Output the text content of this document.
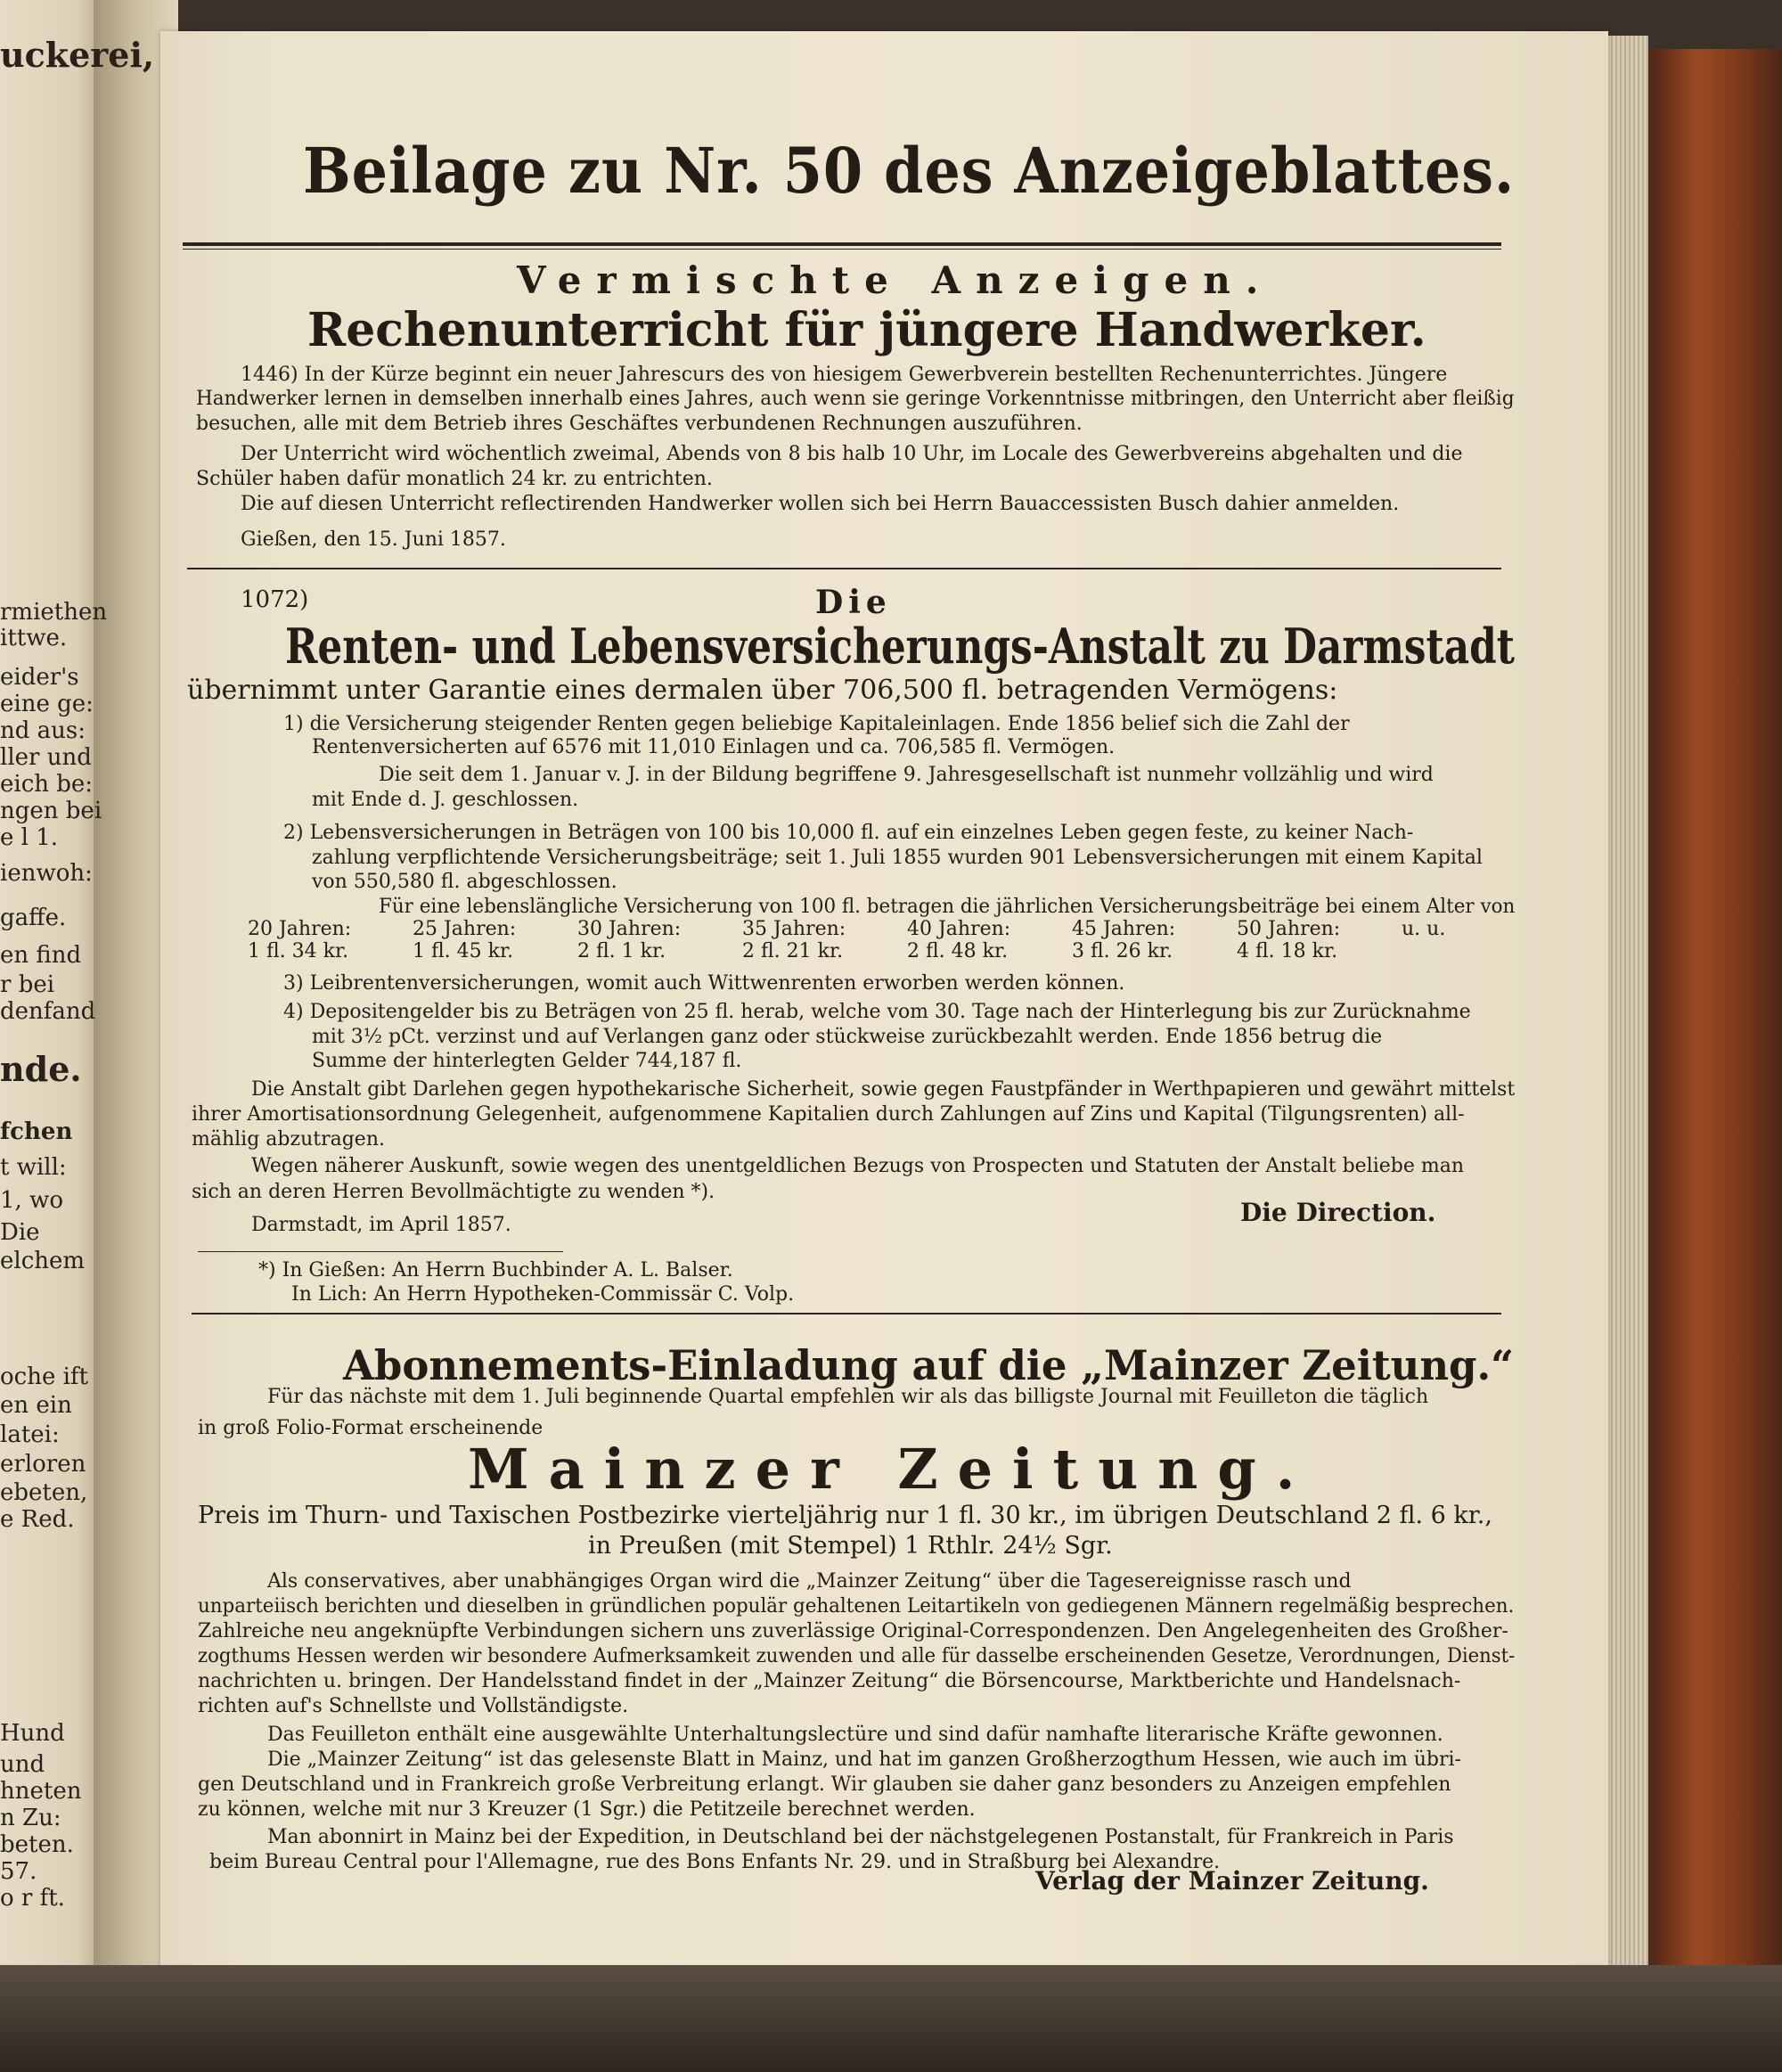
uckerei,
rmiethen
ittwe.
eider's
eine ge:
nd aus:
ller und
eich be:
ngen bei
e l 1.
ienwoh:
gaffe.
en find
r bei
denfand
nde.
fchen
t will:
1, wo
Die
elchem
oche ift
en ein
latei:
erloren
ebeten,
e Red.
Hund
und
hneten
n Zu:
beten.
57.
o r ft.
Beilage zu Nr. 50 des Anzeigeblattes.
Vermischte Anzeigen.
Rechenunterricht für jüngere Handwerker.
1446) In der Kürze beginnt ein neuer Jahrescurs des von hiesigem Gewerbverein bestellten Rechenunterrichtes. Jüngere
Handwerker lernen in demselben innerhalb eines Jahres, auch wenn sie geringe Vorkenntnisse mitbringen, den Unterricht aber fleißig
besuchen, alle mit dem Betrieb ihres Geschäftes verbundenen Rechnungen auszuführen.
Der Unterricht wird wöchentlich zweimal, Abends von 8 bis halb 10 Uhr, im Locale des Gewerbvereins abgehalten und die
Schüler haben dafür monatlich 24 kr. zu entrichten.
Die auf diesen Unterricht reflectirenden Handwerker wollen sich bei Herrn Bauaccessisten Busch dahier anmelden.
Gießen, den 15. Juni 1857.
1072)	Die
Renten- und Lebensversicherungs-Anstalt zu Darmstadt
übernimmt unter Garantie eines dermalen über 706,500 fl. betragenden Vermögens:
1) die Versicherung steigender Renten gegen beliebige Kapitaleinlagen. Ende 1856 belief sich die Zahl der
Rentenversicherten auf 6576 mit 11,010 Einlagen und ca. 706,585 fl. Vermögen.
Die seit dem 1. Januar v. J. in der Bildung begriffene 9. Jahresgesellschaft ist nunmehr vollzählig und wird
mit Ende d. J. geschlossen.
2) Lebensversicherungen in Beträgen von 100 bis 10,000 fl. auf ein einzelnes Leben gegen feste, zu keiner Nach-
zahlung verpflichtende Versicherungsbeiträge; seit 1. Juli 1855 wurden 901 Lebensversicherungen mit einem Kapital
von 550,580 fl. abgeschlossen.
Für eine lebenslängliche Versicherung von 100 fl. betragen die jährlichen Versicherungsbeiträge bei einem Alter von
20 Jahren:	25 Jahren:	30 Jahren:	35 Jahren:	40 Jahren:	45 Jahren:	50 Jahren:	u. u.
1 fl. 34 kr.	1 fl. 45 kr.	2 fl. 1 kr.	2 fl. 21 kr.	2 fl. 48 kr.	3 fl. 26 kr.	4 fl. 18 kr.	
3) Leibrentenversicherungen, womit auch Wittwenrenten erworben werden können.
4) Depositengelder bis zu Beträgen von 25 fl. herab, welche vom 30. Tage nach der Hinterlegung bis zur Zurücknahme
mit 3½ pCt. verzinst und auf Verlangen ganz oder stückweise zurückbezahlt werden. Ende 1856 betrug die
Summe der hinterlegten Gelder 744,187 fl.
Die Anstalt gibt Darlehen gegen hypothekarische Sicherheit, sowie gegen Faustpfänder in Werthpapieren und gewährt mittelst
ihrer Amortisationsordnung Gelegenheit, aufgenommene Kapitalien durch Zahlungen auf Zins und Kapital (Tilgungsrenten) all-
mählig abzutragen.
Wegen näherer Auskunft, sowie wegen des unentgeldlichen Bezugs von Prospecten und Statuten der Anstalt beliebe man
sich an deren Herren Bevollmächtigte zu wenden *).
Darmstadt, im April 1857.	Die Direction.
*) In Gießen: An Herrn Buchbinder A. L. Balser.
In Lich: An Herrn Hypotheken-Commissär C. Volp.
Abonnements-Einladung auf die „Mainzer Zeitung.“
Für das nächste mit dem 1. Juli beginnende Quartal empfehlen wir als das billigste Journal mit Feuilleton die täglich
in groß Folio-Format erscheinende
Mainzer Zeitung.
Preis im Thurn- und Taxischen Postbezirke vierteljährig nur 1 fl. 30 kr., im übrigen Deutschland 2 fl. 6 kr.,
in Preußen (mit Stempel) 1 Rthlr. 24½ Sgr.
Als conservatives, aber unabhängiges Organ wird die „Mainzer Zeitung“ über die Tagesereignisse rasch und
unparteiisch berichten und dieselben in gründlichen populär gehaltenen Leitartikeln von gediegenen Männern regelmäßig besprechen.
Zahlreiche neu angeknüpfte Verbindungen sichern uns zuverlässige Original-Correspondenzen. Den Angelegenheiten des Großher-
zogthums Hessen werden wir besondere Aufmerksamkeit zuwenden und alle für dasselbe erscheinenden Gesetze, Verordnungen, Dienst-
nachrichten u. bringen. Der Handelsstand findet in der „Mainzer Zeitung“ die Börsencourse, Marktberichte und Handelsnach-
richten auf's Schnellste und Vollständigste.
Das Feuilleton enthält eine ausgewählte Unterhaltungslectüre und sind dafür namhafte literarische Kräfte gewonnen.
Die „Mainzer Zeitung“ ist das gelesenste Blatt in Mainz, und hat im ganzen Großherzogthum Hessen, wie auch im übri-
gen Deutschland und in Frankreich große Verbreitung erlangt. Wir glauben sie daher ganz besonders zu Anzeigen empfehlen
zu können, welche mit nur 3 Kreuzer (1 Sgr.) die Petitzeile berechnet werden.
Man abonnirt in Mainz bei der Expedition, in Deutschland bei der nächstgelegenen Postanstalt, für Frankreich in Paris
beim Bureau Central pour l'Allemagne, rue des Bons Enfants Nr. 29. und in Straßburg bei Alexandre.
Verlag der Mainzer Zeitung.
